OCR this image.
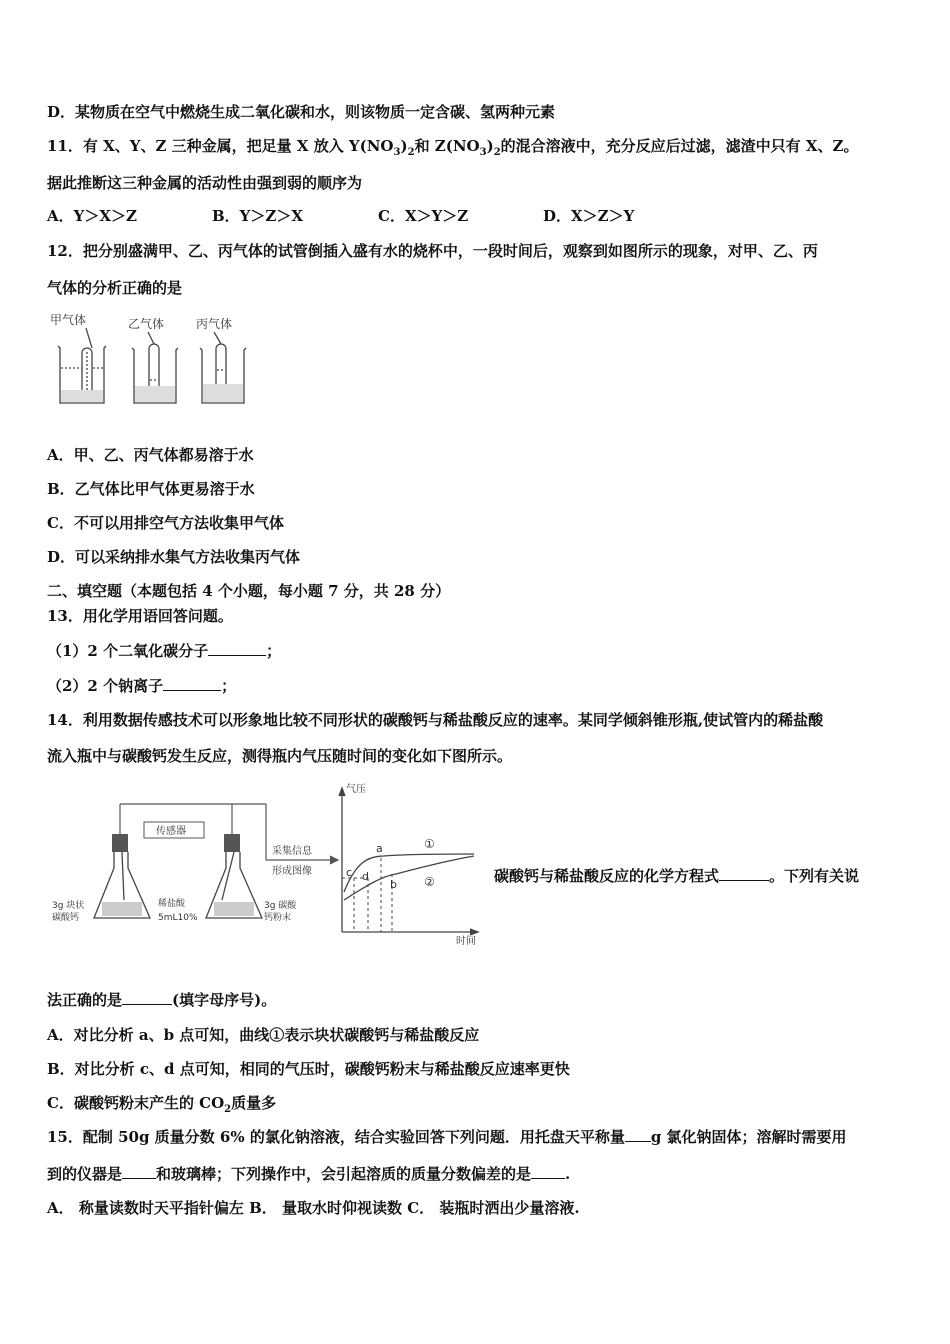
D．某物质在空气中燃烧生成二氧化碳和水，则该物质一定含碳、氢两种元素
11．有 X、Y、Z 三种金属，把足量 X 放入 $Y(NO_3)_2$和 $Z(NO_3)_2$的混合溶液中，充分反应后过滤，滤渣中只有 X、Z。
据此推断这三种金属的活动性由强到弱的顺序为
A．Y＞X＞Z	B．Y＞Z＞X	C．X＞Y＞Z	D．X＞Z＞Y
12．把分别盛满甲、乙、丙气体的试管倒插入盛有水的烧杯中，一段时间后，观察到如图所示的现象，对甲、乙、丙
气体的分析正确的是
甲气体	乙气体	丙气体
A．甲、乙、丙气体都易溶于水
B．乙气体比甲气体更易溶于水
C．不可以用排空气方法收集甲气体
D．可以采纳排水集气方法收集丙气体
二、填空题（本题包括 4 个小题，每小题 7 分，共 28 分）
13．用化学用语回答问题。
（1）2 个二氧化碳分子	；
（2）2 个钠离子	；
14．利用数据传感技术可以形象地比较不同形状的碳酸钙与稀盐酸反应的速率。某同学倾斜锥形瓶,使试管内的稀盐酸
流入瓶中与碳酸钙发生反应，测得瓶内气压随时间的变化如下图所示。
传感器
采集信息
形成图像
3g 块状
碳酸钙
稀盐酸
5mL10%
3g 碳酸
钙粉末
气压
时间
①
②
a
b
c d	碳酸钙与稀盐酸反应的化学方程式	。下列有关说
法正确的是	(填字母序号)。
A．对比分析 a、b 点可知，曲线①表示块状碳酸钙与稀盐酸反应
B．对比分析 c、d 点可知，相同的气压时，碳酸钙粉末与稀盐酸反应速率更快
C．碳酸钙粉末产生的 $CO_2$质量多
15．配制 50g 质量分数 6% 的氯化钠溶液，结合实验回答下列问题．用托盘天平称量 g 氯化钠固体；溶解时需要用
到的仪器是 和玻璃棒；下列操作中，会引起溶质的质量分数偏差的是 .
A． 称量读数时天平指针偏左 B． 量取水时仰视读数 C． 装瓶时洒出少量溶液.
